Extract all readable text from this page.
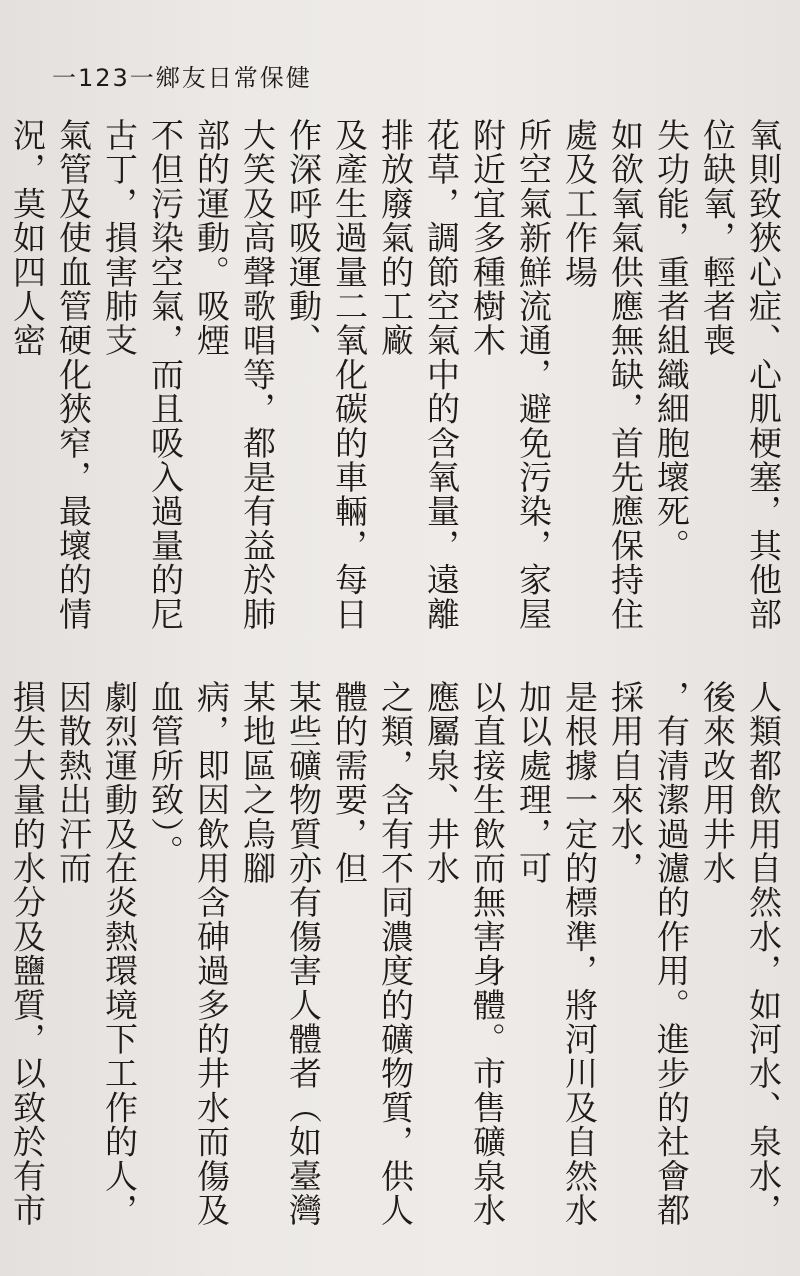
一123一鄉友日常保健
氧則致狹心症、心肌梗塞，其他部位缺氧，輕者喪
失功能，重者組織細胞壞死。
如欲氧氣供應無缺，首先應保持住處及工作場
所空氣新鮮流通，避免污染，家屋附近宜多種樹木
花草，調節空氣中的含氧量，遠離排放廢氣的工廠
及產生過量二氧化碳的車輛，每日作深呼吸運動、
大笑及高聲歌唱等，都是有益於肺部的運動。吸煙
不但污染空氣，而且吸入過量的尼古丁，損害肺支
氣管及使血管硬化狹窄，最壞的情況，莫如四人密
人類都飲用自然水，如河水、泉水，後來改用井水
，有清潔過濾的作用。進步的社會都採用自來水，
是根據一定的標準，將河川及自然水加以處理，可
以直接生飲而無害身體。市售礦泉水應屬泉、井水
之類，含有不同濃度的礦物質，供人體的需要，但
某些礦物質亦有傷害人體者（如臺灣某地區之烏腳
病，即因飲用含砷過多的井水而傷及血管所致）。
劇烈運動及在炎熱環境下工作的人，因散熱出汗而
損失大量的水分及鹽質，以致於有市
